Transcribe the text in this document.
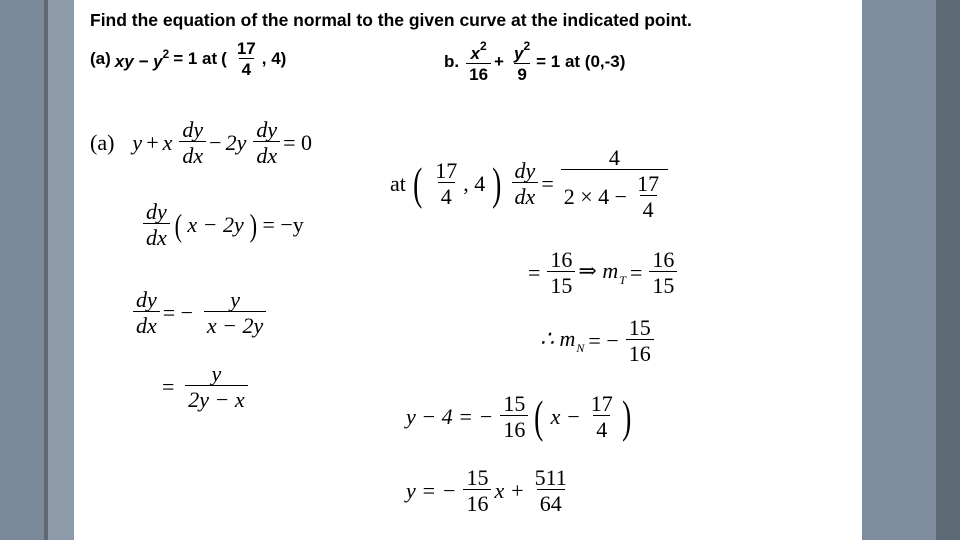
Find the equation of the normal to the given curve at the indicated point.
(a) xy − $y^2 = 1$ at ( $\frac{17}{4}$ , 4)	b. $\frac{x^2}{16} + \frac{y^2}{9} = 1$ at (0,-3)
(a) y + x $\frac{dy}{dx} - 2y \frac{dy}{dx} = 0$
$\frac{dy}{dx}$ ( x − 2y ) = −y
$\frac{dy}{dx}$ = − $\frac{y}{x - 2y}$
= $\frac{y}{2y - x}$
at ( $\frac{17}{4}$ , 4 ) $\frac{dy}{dx} = \frac{4}{2 \times 4 - \frac{17}{4}}$
= $\frac{16}{15}$ ⇒ $m_T = \frac{16}{15}$
∴ $m_N$ = − $\frac{15}{16}$
y − 4 = − $\frac{15}{16}$ ( $x - \frac{17}{4}$ )
y = − $\frac{15}{16}$ $x + \frac{511}{64}$
